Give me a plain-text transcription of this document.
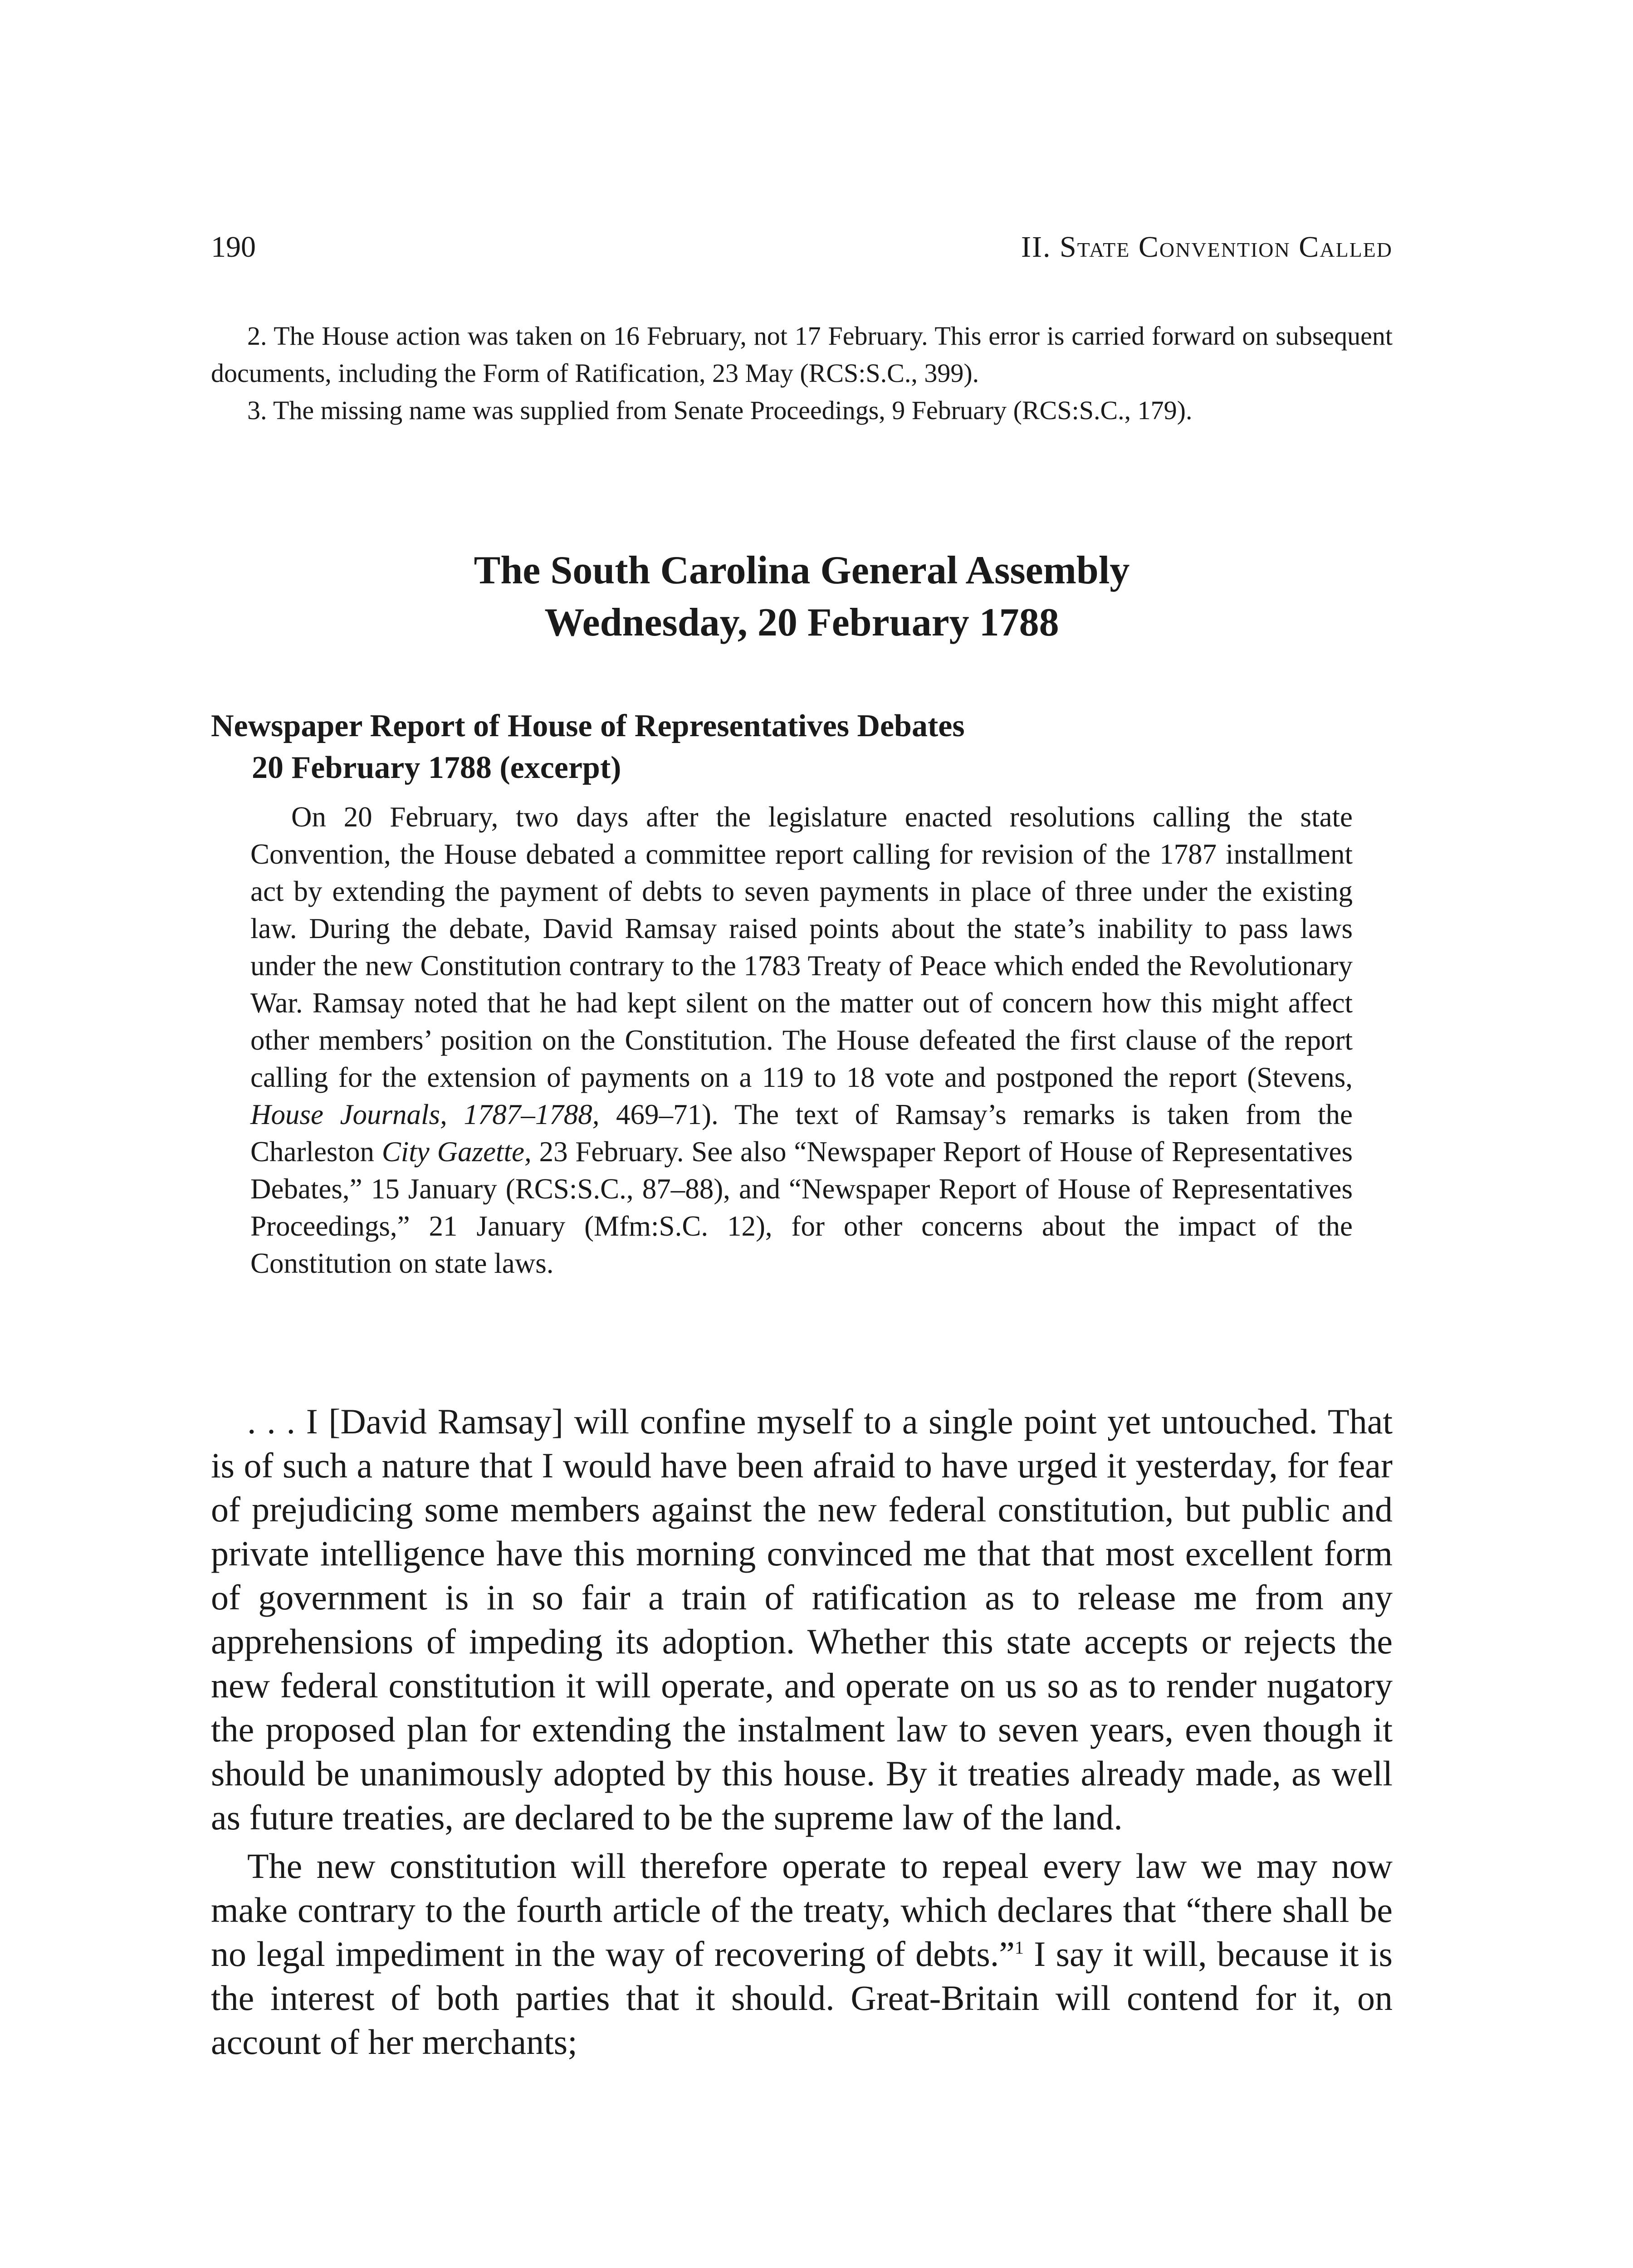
190	II. State Convention Called

2. The House action was taken on 16 February, not 17 February. This error is carried forward on subsequent documents, including the Form of Ratification, 23 May (RCS:S.C., 399).

3. The missing name was supplied from Senate Proceedings, 9 February (RCS:S.C., 179).

The South Carolina General Assembly
Wednesday, 20 February 1788
Newspaper Report of House of Representatives Debates
20 February 1788 (excerpt)

On 20 February, two days after the legislature enacted resolutions calling the state Convention, the House debated a committee report calling for revision of the 1787 installment act by extending the payment of debts to seven payments in place of three under the existing law. During the debate, David Ramsay raised points about the state’s inability to pass laws under the new Constitution contrary to the 1783 Treaty of Peace which ended the Revolutionary War. Ramsay noted that he had kept silent on the matter out of concern how this might affect other members’ position on the Constitution. The House defeated the first clause of the report calling for the extension of payments on a 119 to 18 vote and postponed the report (Stevens, House Journals, 1787–1788, 469–71). The text of Ramsay’s remarks is taken from the Charleston City Gazette, 23 February. See also “Newspaper Report of House of Representatives Debates,” 15 January (RCS:S.C., 87–88), and “Newspaper Report of House of Representatives Proceedings,” 21 January (Mfm:S.C. 12), for other concerns about the impact of the Constitution on state laws.

. . . I [David Ramsay] will confine myself to a single point yet untouched. That is of such a nature that I would have been afraid to have urged it yesterday, for fear of prejudicing some members against the new federal constitution, but public and private intelligence have this morning convinced me that that most excellent form of government is in so fair a train of ratification as to release me from any apprehensions of impeding its adoption. Whether this state accepts or rejects the new federal constitution it will operate, and operate on us so as to render nugatory the proposed plan for extending the instalment law to seven years, even though it should be unanimously adopted by this house. By it treaties already made, as well as future treaties, are declared to be the supreme law of the land.

The new constitution will therefore operate to repeal every law we may now make contrary to the fourth article of the treaty, which declares that “there shall be no legal impediment in the way of recovering of debts.”$^1$ I say it will, because it is the interest of both parties that it should. Great-Britain will contend for it, on account of her merchants;
